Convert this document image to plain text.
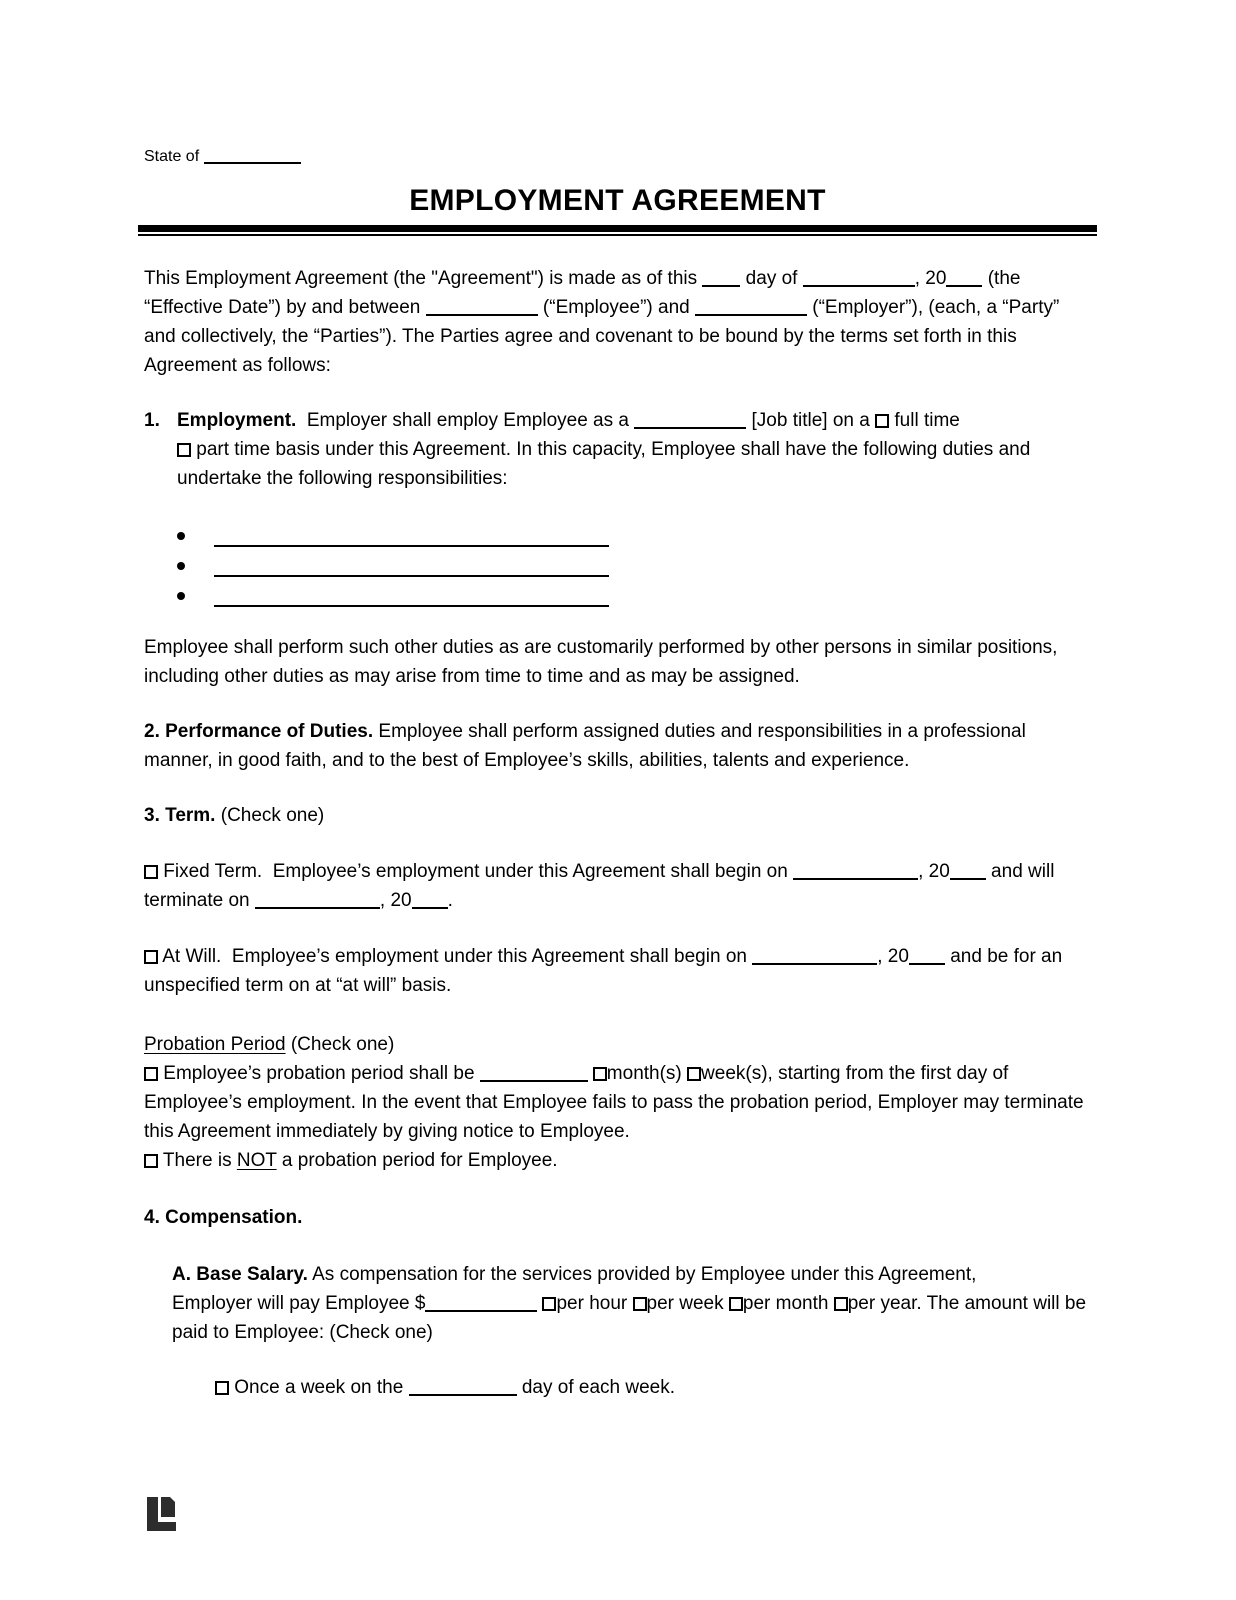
State of
EMPLOYMENT AGREEMENT
This Employment Agreement (the "Agreement") is made as of this  day of	, 20 (the “Effective Date”) by and between	(“Employee”) and	(“Employer”), (each, a “Party” and collectively, the “Parties”). The Parties agree and covenant to be bound by the terms set forth in this Agreement as follows:
1. Employment.  Employer shall employ Employee as a	[Job title] on a  full time
part time basis under this Agreement. In this capacity, Employee shall have the following duties and undertake the following responsibilities:
Employee shall perform such other duties as are customarily performed by other persons in similar positions, including other duties as may arise from time to time and as may be assigned.
2. Performance of Duties. Employee shall perform assigned duties and responsibilities in a professional manner, in good faith, and to the best of Employee’s skills, abilities, talents and experience.
3. Term. (Check one)
Fixed Term.  Employee’s employment under this Agreement shall begin on	, 20 and will terminate on	, 20 .
At Will.  Employee’s employment under this Agreement shall begin on	, 20 and be for an unspecified term on at “at will” basis.
Probation Period (Check one)
Employee’s probation period shall be	month(s) week(s), starting from the first day of Employee’s employment. In the event that Employee fails to pass the probation period, Employer may terminate this Agreement immediately by giving notice to Employee.
There is NOT a probation period for Employee.
4. Compensation.
A. Base Salary. As compensation for the services provided by Employee under this Agreement,
Employer will pay Employee $	per hour per week per month per year. The amount will be paid to Employee: (Check one)
Once a week on the	day of each week.
